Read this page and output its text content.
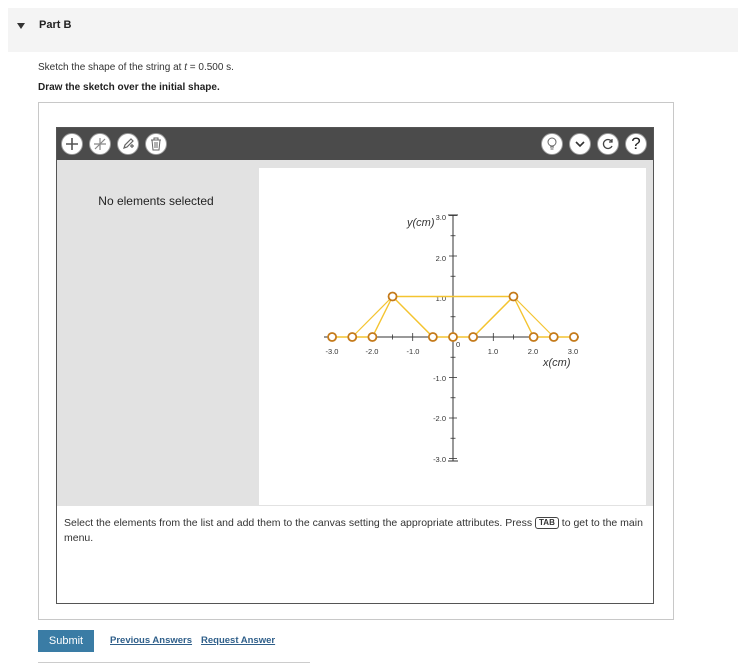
Part B
Sketch the shape of the string at t = 0.500 s.
Draw the sketch over the initial shape.
?
No elements selected
-3.0	-2.0	-1.0	1.0	2.0	3.0
3.0
2.0
1.0
-1.0
-2.0
-3.0
0
y(cm)
x(cm)
Select the elements from the list and add them to the canvas setting the appropriate attributes. Press TAB to get to the main menu.
Submit	Previous Answers Request Answer
